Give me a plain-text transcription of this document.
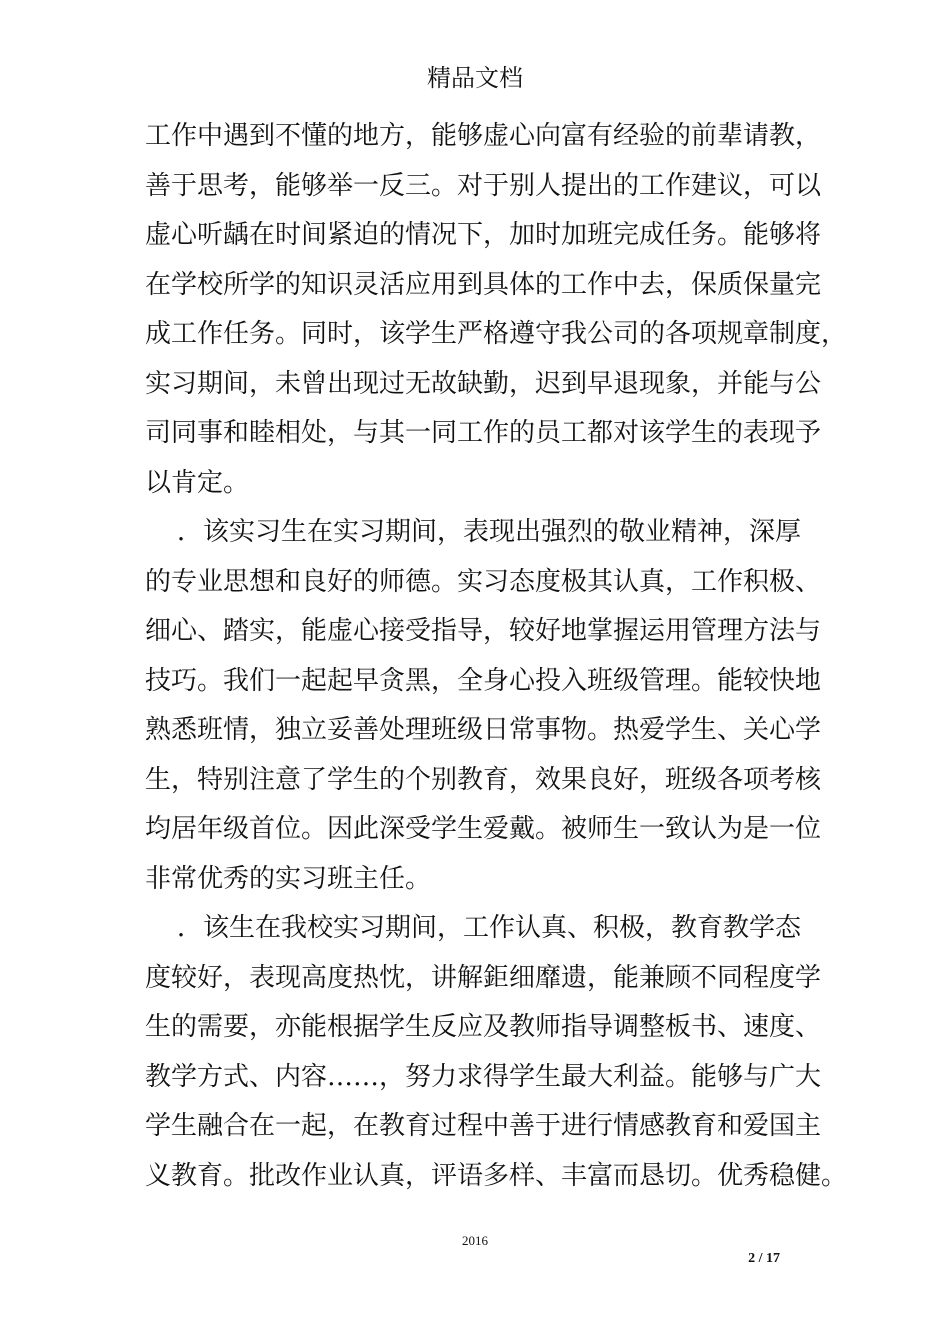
精品文档
工作中遇到不懂的地方，能够虚心向富有经验的前辈请教，
善于思考，能够举一反三。对于别人提出的工作建议，可以
虚心听龋在时间紧迫的情况下，加时加班完成任务。能够将
在学校所学的知识灵活应用到具体的工作中去，保质保量完
成工作任务。同时，该学生严格遵守我公司的各项规章制度，
实习期间，未曾出现过无故缺勤，迟到早退现象，并能与公
司同事和睦相处，与其一同工作的员工都对该学生的表现予
以肯定。
．该实习生在实习期间，表现出强烈的敬业精神，深厚
的专业思想和良好的师德。实习态度极其认真，工作积极、
细心、踏实，能虚心接受指导，较好地掌握运用管理方法与
技巧。我们一起起早贪黑，全身心投入班级管理。能较快地
熟悉班情，独立妥善处理班级日常事物。热爱学生、关心学
生，特别注意了学生的个别教育，效果良好，班级各项考核
均居年级首位。因此深受学生爱戴。被师生一致认为是一位
非常优秀的实习班主任。
．该生在我校实习期间，工作认真、积极，教育教学态
度较好，表现高度热忱，讲解鉅细靡遗，能兼顾不同程度学
生的需要，亦能根据学生反应及教师指导调整板书、速度、
教学方式、内容……，努力求得学生最大利益。能够与广大
学生融合在一起，在教育过程中善于进行情感教育和爱国主
义教育。批改作业认真，评语多样、丰富而恳切。优秀稳健。
2016
2 / 17
